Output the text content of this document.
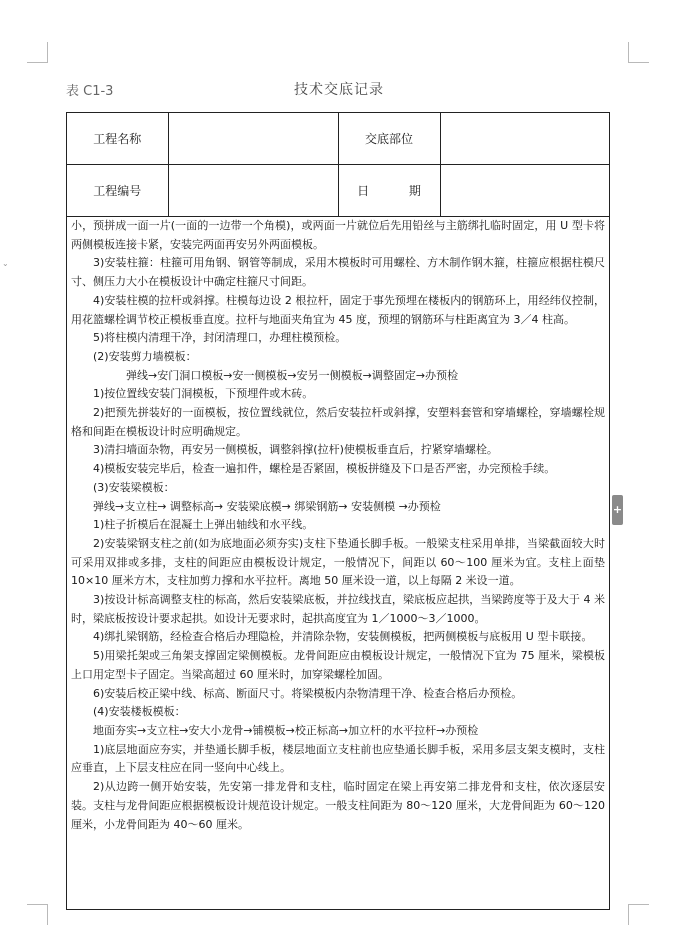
⌄
+
表 C1-3	技术交底记录
工程名称		交底部位	
工程编号		日 期	

小，预拼成一面一片(一面的一边带一个角模)，或两面一片就位后先用铅丝与主筋绑扎临时固定，用 U 型卡将两侧模板连接卡紧，安装完两面再安另外两面模板。

3)安装柱箍：柱箍可用角钢、钢管等制成，采用木模板时可用螺栓、方木制作钢木箍，柱箍应根据柱模尺寸、侧压力大小在模板设计中确定柱箍尺寸间距。

4)安装柱模的拉杆或斜撑。柱模每边设 2 根拉杆，固定于事先预埋在楼板内的钢筋环上，用经纬仪控制，用花篮螺栓调节校正模板垂直度。拉杆与地面夹角宜为 45 度，预埋的钢筋环与柱距离宜为 3／4 柱高。

5)将柱模内清理干净，封闭清理口，办理柱模预检。

(2)安装剪力墙模板：

弹线→安门洞口模板→安一侧模板→安另一侧模板→调整固定→办预检

1)按位置线安装门洞模板，下预埋件或木砖。

2)把预先拼装好的一面模板，按位置线就位，然后安装拉杆或斜撑，安塑料套管和穿墙螺栓，穿墙螺栓规格和间距在模板设计时应明确规定。

3)清扫墙面杂物，再安另一侧模板，调整斜撑(拉杆)使模板垂直后，拧紧穿墙螺栓。

4)模板安装完毕后，检查一遍扣件，螺栓是否紧固，模板拼缝及下口是否严密，办完预检手续。

(3)安装梁模板：

弹线→支立柱→ 调整标高→ 安装梁底模→ 绑梁钢筋→ 安装侧模 →办预检

1)柱子折模后在混凝土上弹出轴线和水平线。

2)安装梁钢支柱之前(如为底地面必须夯实)支柱下垫通长脚手板。一般梁支柱采用单排，当梁截面较大时可采用双排或多排，支柱的间距应由模板设计规定，一般情况下，间距以 60～100 厘米为宜。支柱上面垫 10×10 厘米方木，支柱加剪力撑和水平拉杆。离地 50 厘米设一道，以上每隔 2 米设一道。

3)按设计标高调整支柱的标高，然后安装梁底板，并拉线找直，梁底板应起拱，当梁跨度等于及大于 4 米时，梁底板按设计要求起拱。如设计无要求时，起拱高度宜为 1／1000～3／1000。

4)绑扎梁钢筋，经检查合格后办理隐检，并清除杂物，安装侧模板，把两侧模板与底板用 U 型卡联接。

5)用梁托架或三角架支撑固定梁侧模板。龙骨间距应由模板设计规定，一般情况下宜为 75 厘米，梁模板上口用定型卡子固定。当梁高超过 60 厘米时，加穿梁螺栓加固。

6)安装后校正梁中线、标高、断面尺寸。将梁模板内杂物清理干净、检查合格后办预检。

(4)安装楼板模板：

地面夯实→支立柱→安大小龙骨→铺模板→校正标高→加立杆的水平拉杆→办预检

1)底层地面应夯实，并垫通长脚手板，楼层地面立支柱前也应垫通长脚手板，采用多层支架支模时，支柱应垂直，上下层支柱应在同一竖向中心线上。

2)从边跨一侧开始安装，先安第一排龙骨和支柱，临时固定在梁上再安第二排龙骨和支柱，依次逐层安装。支柱与龙骨间距应根据模板设计规范设计规定。一般支柱间距为 80～120 厘米，大龙骨间距为 60～120 厘米，小龙骨间距为 40～60 厘米。
